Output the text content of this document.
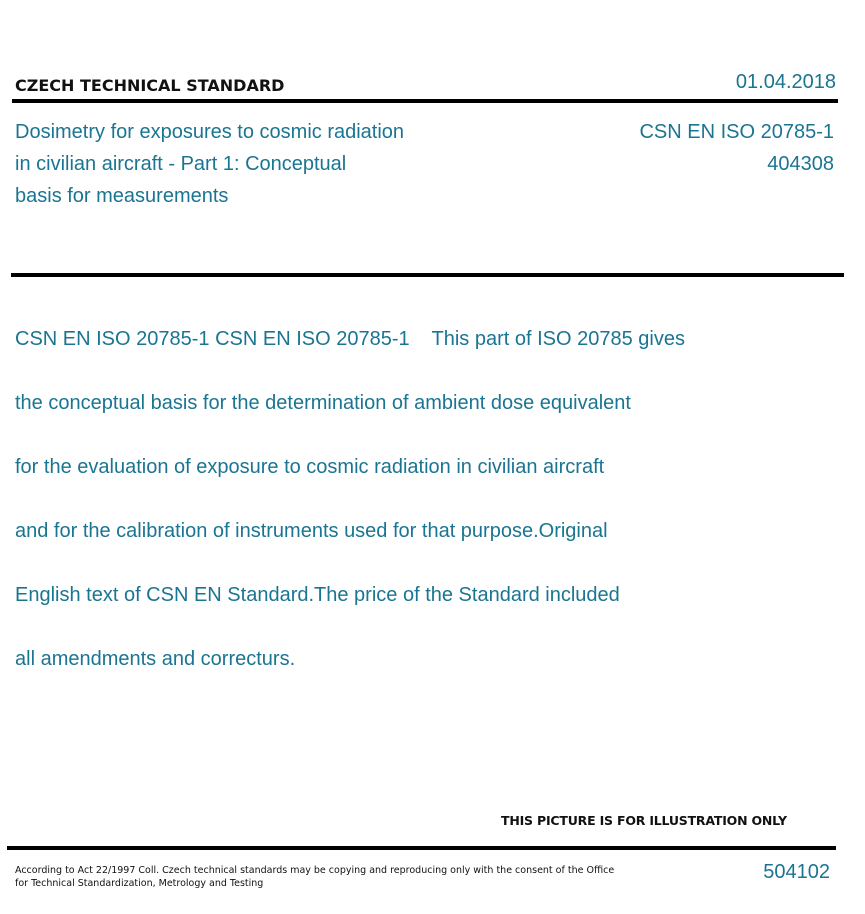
CZECH TECHNICAL STANDARD	01.04.2018
Dosimetry for exposures to cosmic radiation
in civilian aircraft - Part 1: Conceptual
basis for measurements
CSN EN ISO 20785-1
404308

CSN EN ISO 20785-1 CSN EN ISO 20785-1    This part of ISO 20785 gives

the conceptual basis for the determination of ambient dose equivalent

for the evaluation of exposure to cosmic radiation in civilian aircraft

and for the calibration of instruments used for that purpose.Original

English text of CSN EN Standard.The price of the Standard included

all amendments and correcturs.

THIS PICTURE IS FOR ILLUSTRATION ONLY
According to Act 22/1997 Coll. Czech technical standards may be copying and reproducing only with the consent of the Office
for Technical Standardization, Metrology and Testing
504102
